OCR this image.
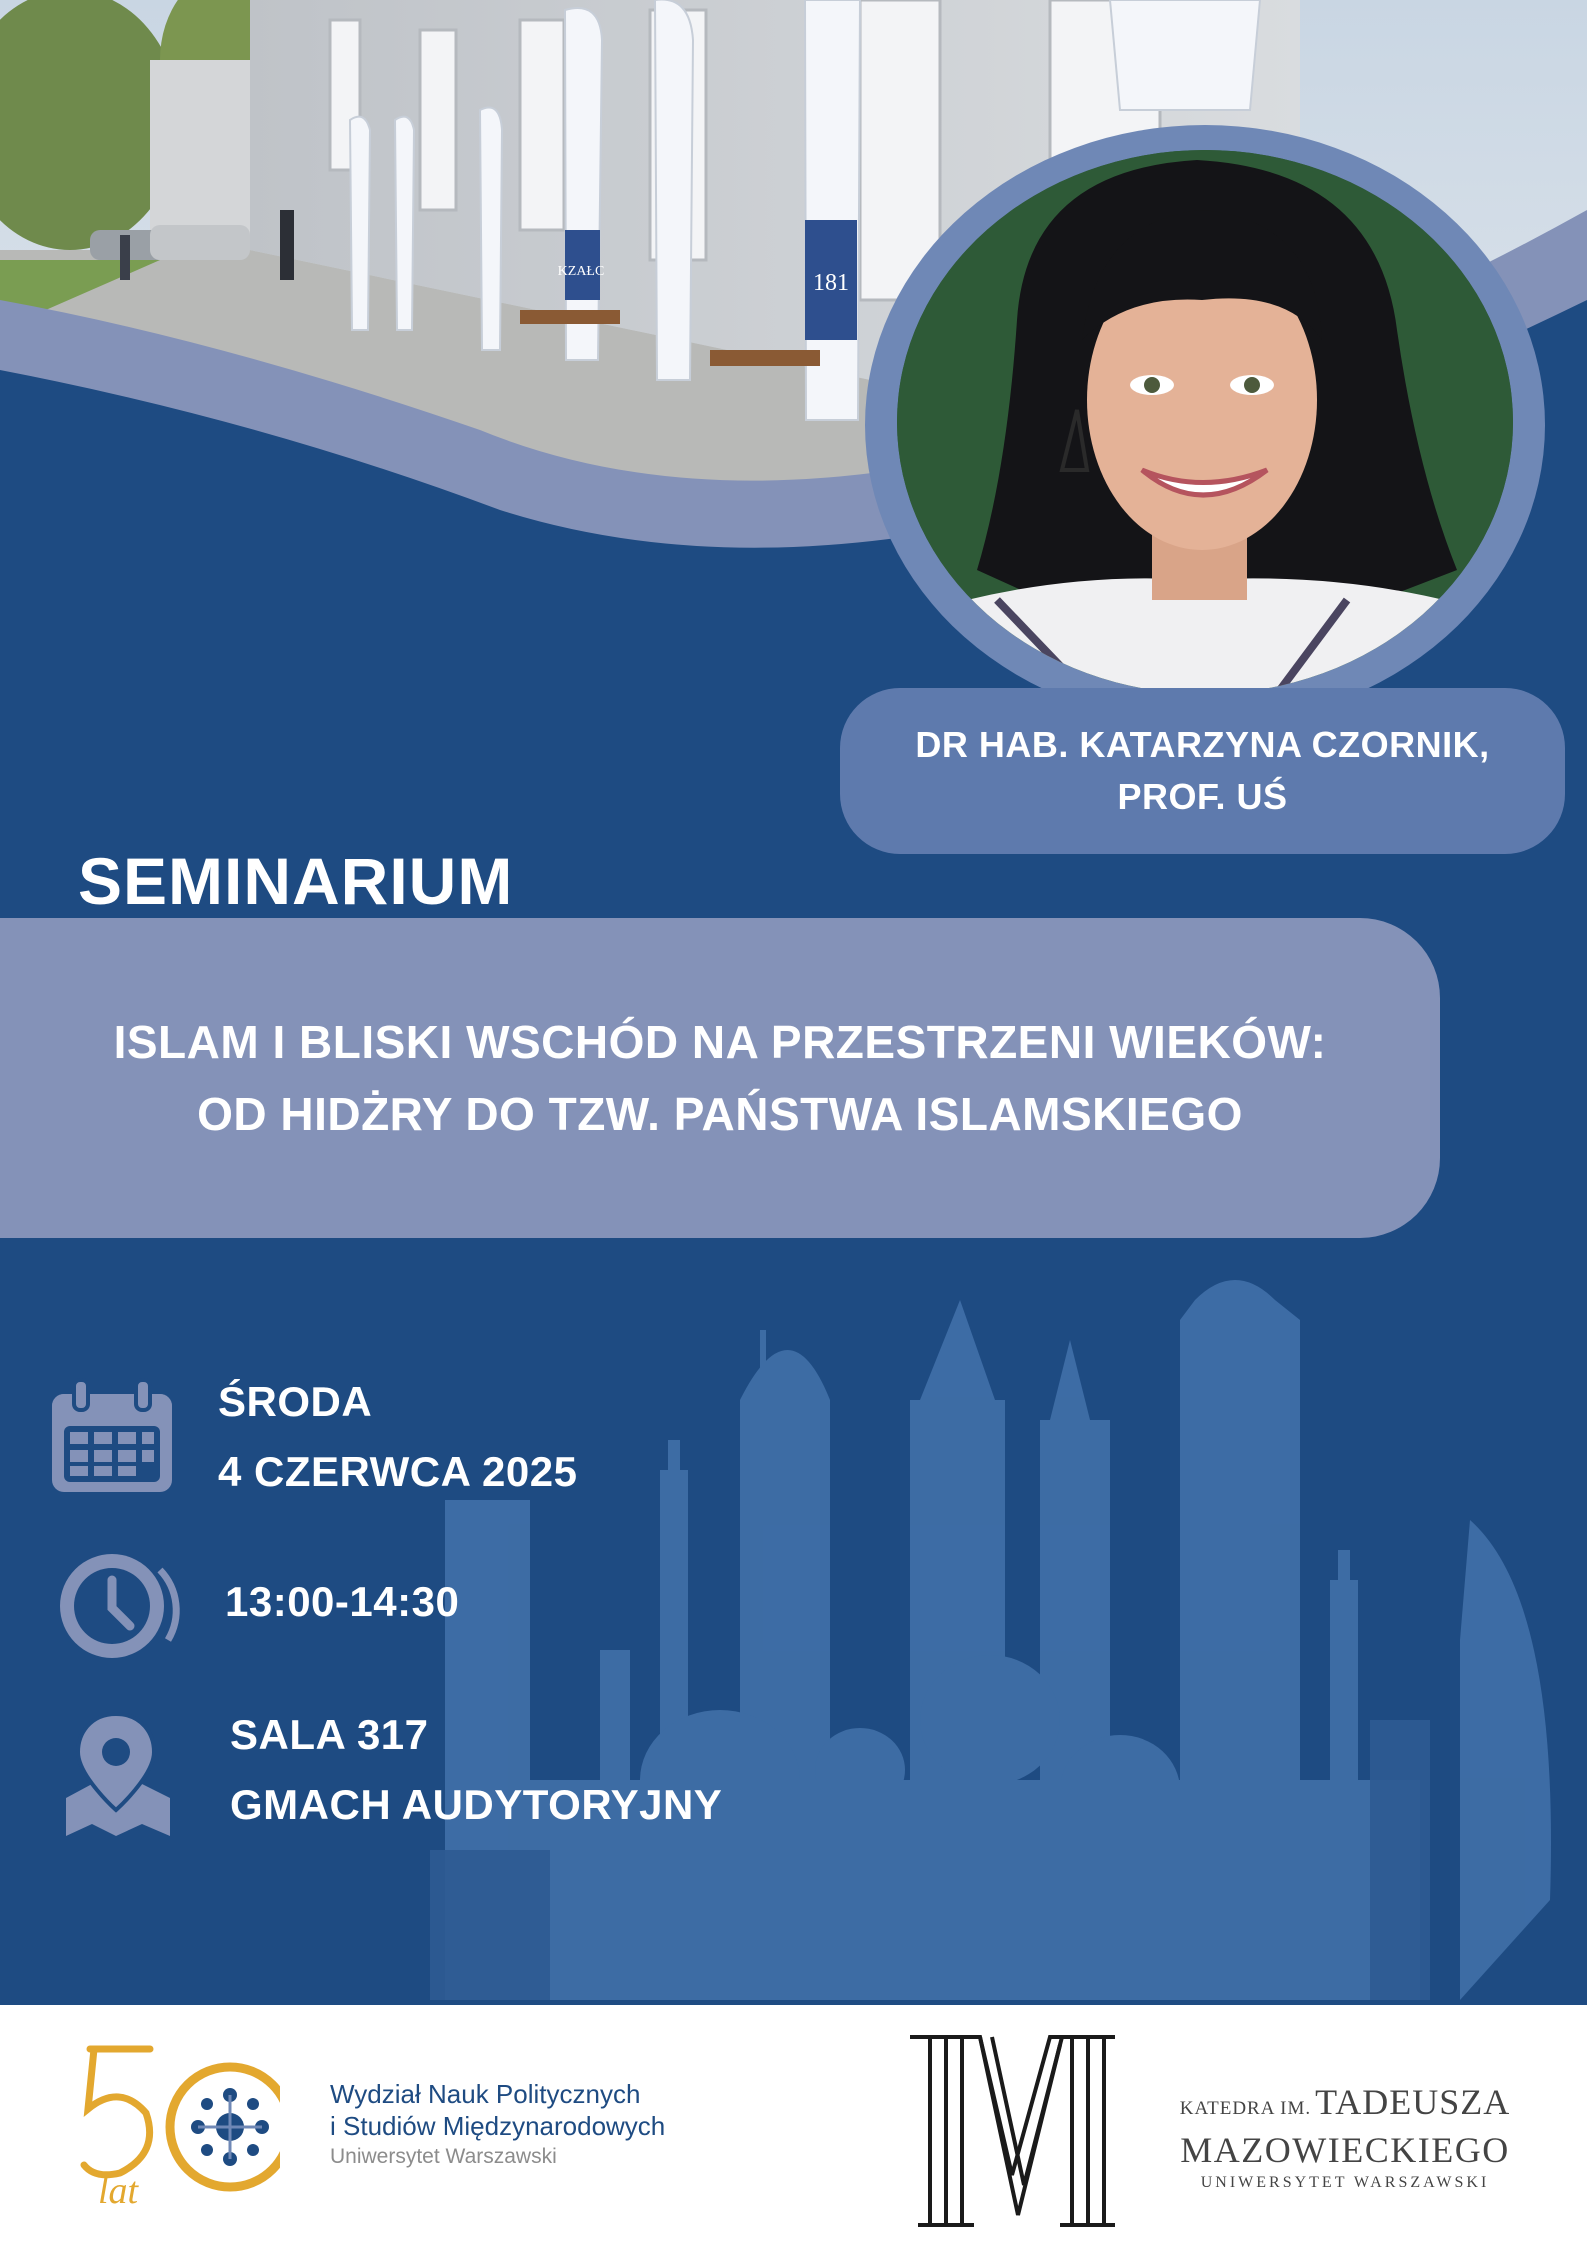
KZAŁC	181
DR HAB. KATARZYNA CZORNIK,
PROF. UŚ
SEMINARIUM
ISLAM I BLISKI WSCHÓD NA PRZESTRZENI WIEKÓW:
OD HIDŻRY DO TZW. PAŃSTWA ISLAMSKIEGO
ŚRODA
4 CZERWCA 2025
13:00-14:30
SALA 317
GMACH AUDYTORYJNY
lat
Wydział Nauk Politycznych
i Studiów Międzynarodowych
Uniwersytet Warszawski
KATEDRA IM. TADEUSZA
MAZOWIECKIEGO
UNIWERSYTET WARSZAWSKI
